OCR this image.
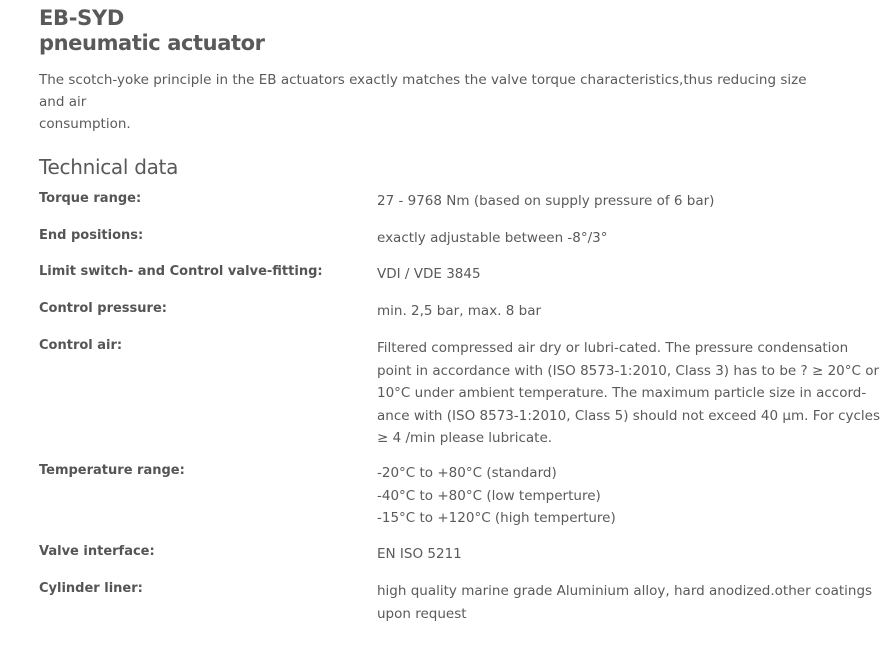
EB-SYD
pneumatic actuator
The scotch-yoke principle in the EB actuators exactly matches the valve torque characteristics,thus reducing size and air
consumption.
Technical data
Torque range:	27 - 9768 Nm (based on supply pressure of 6 bar)
End positions:	exactly adjustable between -8°/3°
Limit switch- and Control valve-fitting:	VDI / VDE 3845
Control pressure:	min. 2,5 bar, max. 8 bar
Control air:	Filtered compressed air dry or lubri-cated. The pressure condensation
point in accordance with (ISO 8573-1:2010, Class 3) has to be ? ≥ 20°C or
10°C under ambient temperature. The maximum particle size in accord-
ance with (ISO 8573-1:2010, Class 5) should not exceed 40 µm. For cycles
≥ 4 /min please lubricate.
Temperature range:	-20°C to +80°C (standard)
-40°C to +80°C (low temperture)
-15°C to +120°C (high temperture)
Valve interface:	EN ISO 5211
Cylinder liner:	high quality marine grade Aluminium alloy, hard anodized.other coatings
upon request
